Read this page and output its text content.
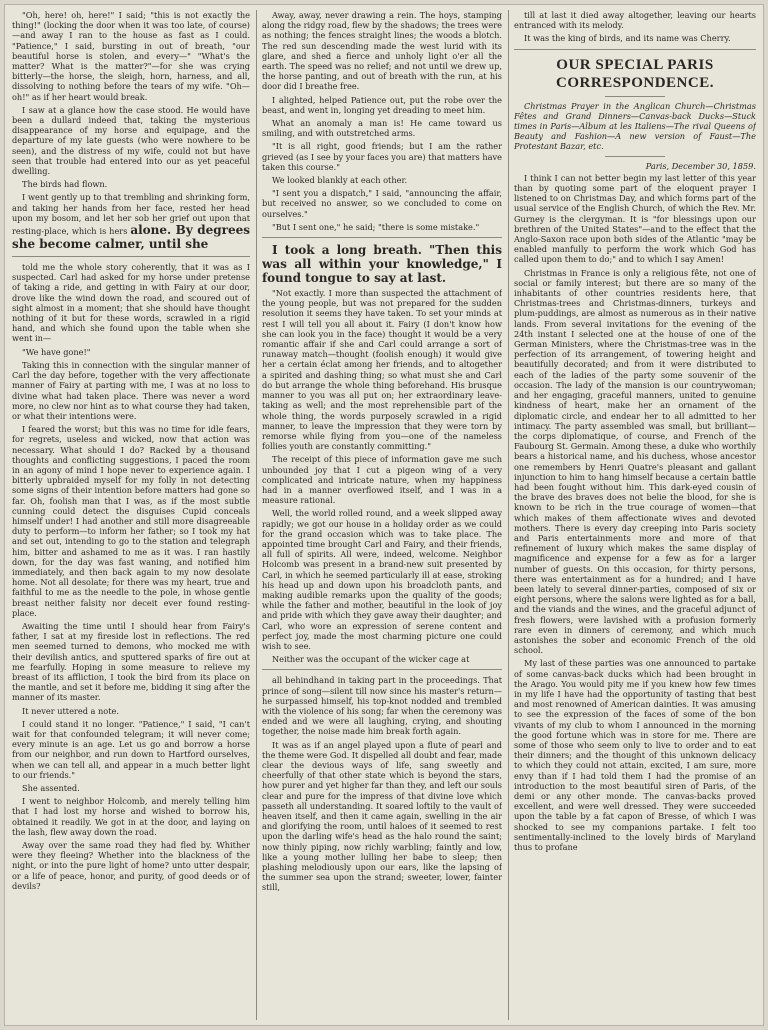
"Oh, here! oh, here!" I said; "this is not exactly the thing!" (locking the door when it was too late, of course)—and away I ran to the house as fast as I could. "Patience," I said, bursting in out of breath, "our beautiful horse is stolen, and every—" "What's the matter? What is the matter?"—for she was crying bitterly—the horse, the sleigh, horn, harness, and all, dissolving to nothing before the tears of my wife. "Oh—oh!" as if her heart would break.

I saw at a glance how the case stood. He would have been a dullard indeed that, taking the mysterious disappearance of my horse and equipage, and the departure of my late guests (who were nowhere to be seen), and the distress of my wife, could not but have seen that trouble had entered into our as yet peaceful dwelling.

The birds had flown.

I went gently up to that trembling and shrinking form, and taking her hands from her face, rested her head upon my bosom, and let her sob her grief out upon that resting-place, which is hers alone. By degrees she become calmer, until she

told me the whole story coherently, that it was as I suspected. Carl had asked for my horse under pretense of taking a ride, and getting in with Fairy at our door, drove like the wind down the road, and scoured out of sight almost in a moment; that she should have thought nothing of it but for these words, scrawled in a rigid hand, and which she found upon the table when she went in—

"We have gone!"

Taking this in connection with the singular manner of Carl the day before, together with the very affectionate manner of Fairy at parting with me, I was at no loss to divine what had taken place. There was never a word more, no clew nor hint as to what course they had taken, or what their intentions were.

I feared the worst; but this was no time for idle fears, for regrets, useless and wicked, now that action was necessary. What should I do? Racked by a thousand thoughts and conflicting suggestions, I paced the room in an agony of mind I hope never to experience again. I bitterly upbraided myself for my folly in not detecting some signs of their intention before matters had gone so far. Oh, foolish man that I was, as if the most subtle cunning could detect the disguises Cupid conceals himself under! I had another and still more disagreeable duty to perform—to inform her father; so I took my hat and set out, intending to go to the station and telegraph him, bitter and ashamed to me as it was. I ran hastily down, for the day was fast waning, and notified him immediately, and then back again to my now desolate home. Not all desolate; for there was my heart, true and faithful to me as the needle to the pole, in whose gentle breast neither falsity nor deceit ever found resting-place.

Awaiting the time until I should hear from Fairy's father, I sat at my fireside lost in reflections. The red men seemed turned to demons, who mocked me with their devilish antics, and sputtered sparks of fire out at me fearfully. Hoping in some measure to relieve my breast of its affliction, I took the bird from its place on the mantle, and set it before me, bidding it sing after the manner of its master.

It never uttered a note.

I could stand it no longer. "Patience," I said, "I can't wait for that confounded telegram; it will never come; every minute is an age. Let us go and borrow a horse from our neighbor, and run down to Hartford ourselves, when we can tell all, and appear in a much better light to our friends."

She assented.

I went to neighbor Holcomb, and merely telling him that I had lost my horse and wished to borrow his, obtained it readily. We got in at the door, and laying on the lash, flew away down the road.

Away over the same road they had fled by. Whither were they fleeing? Whether into the blackness of the night, or into the pure light of home? unto utter despair, or a life of peace, honor, and purity, of good deeds or of devils?

Away, away, never drawing a rein. The hoys, stamping along the ridgy road, flew by the shadows; the trees were as nothing; the fences straight lines; the woods a blotch. The red sun descending made the west lurid with its glare, and shed a fierce and unholy light o'er all the earth. The speed was no relief; and not until we drew up, the horse panting, and out of breath with the run, at his door did I breathe free.

I alighted, helped Patience out, put the robe over the beast, and went in, longing yet dreading to meet him.

What an anomaly a man is! He came toward us smiling, and with outstretched arms.

"It is all right, good friends; but I am the rather grieved (as I see by your faces you are) that matters have taken this course."

We looked blankly at each other.

"I sent you a dispatch," I said, "announcing the affair, but received no answer, so we concluded to come on ourselves."

"But I sent one," he said; "there is some mistake."

I took a long breath. "Then this was all within your knowledge," I found tongue to say at last.

"Not exactly. I more than suspected the attachment of the young people, but was not prepared for the sudden resolution it seems they have taken. To set your minds at rest I will tell you all about it. Fairy (I don't know how she can look you in the face) thought it would be a very romantic affair if she and Carl could arrange a sort of runaway match—thought (foolish enough) it would give her a certain éclat among her friends, and to altogether a spirited and dashing thing; so what must she and Carl do but arrange the whole thing beforehand. His brusque manner to you was all put on; her extraordinary leave-taking as well; and the most reprehensible part of the whole thing, the words purposely scrawled in a rigid manner, to leave the impression that they were torn by remorse while flying from you—one of the nameless follies youth are constantly committing."

The receipt of this piece of information gave me such unbounded joy that I cut a pigeon wing of a very complicated and intricate nature, when my happiness had in a manner overflowed itself, and I was in a measure rational.

Well, the world rolled round, and a week slipped away rapidly; we got our house in a holiday order as we could for the grand occasion which was to take place. The appointed time brought Carl and Fairy, and their friends, all full of spirits. All were, indeed, welcome. Neighbor Holcomb was present in a brand-new suit presented by Carl, in which he seemed particularly ill at ease, stroking his head up and down upon his broadcloth pants, and making audible remarks upon the quality of the goods; while the father and mother, beautiful in the look of joy and pride with which they gave away their daughter; and Carl, who wore an expression of serene content and perfect joy, made the most charming picture one could wish to see.

Neither was the occupant of the wicker cage at

all behindhand in taking part in the proceedings. That prince of song—silent till now since his master's return—he surpassed himself, his top-knot nodded and trembled with the violence of his song; far when the ceremony was ended and we were all laughing, crying, and shouting together, the noise made him break forth again.

It was as if an angel played upon a flute of pearl and the theme were God. It dispelled all doubt and fear, made clear the devious ways of life, sang sweetly and cheerfully of that other state which is beyond the stars, how purer and yet higher far than they, and left our souls clear and pure for the impress of that divine love which passeth all understanding. It soared loftily to the vault of heaven itself, and then it came again, swelling in the air and glorifying the room, until haloes of it seemed to rest upon the darling wife's head as the halo round the saint; now thinly piping, now richly warbling; faintly and low, like a young mother lulling her babe to sleep; then plashing melodiously upon our ears, like the lapsing of the summer sea upon the strand; sweeter, lower, fainter still,

till at last it died away altogether, leaving our hearts entranced with its melody.

It was the king of birds, and its name was Cherry.

OUR SPECIAL PARIS CORRESPONDENCE.

Christmas Prayer in the Anglican Church—Christmas Fêtes and Grand Dinners—Canvas-back Ducks—Stuck times in Paris—Album at les Italiens—The rival Queens of Beauty and Fashion—A new version of Faust—The Protestant Bazar, etc.

Paris, December 30, 1859.

I think I can not better begin my last letter of this year than by quoting some part of the eloquent prayer I listened to on Christmas Day, and which forms part of the usual service of the English Church, of which the Rev. Mr. Gurney is the clergyman. It is "for blessings upon our brethren of the United States"—and to the effect that the Anglo-Saxon race upon both sides of the Atlantic "may be enabled manfully to perform the work which God has called upon them to do;" and to which I say Amen!

Christmas in France is only a religious fête, not one of social or family interest; but there are so many of the inhabitants of other countries residents here, that Christmas-trees and Christmas-dinners, turkeys and plum-puddings, are almost as numerous as in their native lands. From several invitations for the evening of the 24th instant I selected one at the house of one of the German Ministers, where the Christmas-tree was in the perfection of its arrangement, of towering height and beautifully decorated; and from it were distributed to each of the ladies of the party some souvenir of the occasion. The lady of the mansion is our countrywoman; and her engaging, graceful manners, united to genuine kindness of heart, make her an ornament of the diplomatic circle, and endear her to all admitted to her intimacy. The party assembled was small, but brilliant—the corps diplomatique, of course, and French of the Faubourg St. Germain. Among these, a duke who worthily bears a historical name, and his duchess, whose ancestor one remembers by Henri Quatre's pleasant and gallant injunction to him to hang himself because a certain battle had been fought without him. This dark-eyed cousin of the brave des braves does not belie the blood, for she is known to be rich in the true courage of women—that which makes of them affectionate wives and devoted mothers. There is every day creeping into Paris society and Paris entertainments more and more of that refinement of luxury which makes the same display of magnificence and expense for a few as for a larger number of guests. On this occasion, for thirty persons, there was entertainment as for a hundred; and I have been lately to several dinner-parties, composed of six or eight persons, where the salons were lighted as for a ball, and the viands and the wines, and the graceful adjunct of fresh flowers, were lavished with a profusion formerly rare even in dinners of ceremony, and which much astonishes the sober and economic French of the old school.

My last of these parties was one announced to partake of some canvas-back ducks which had been brought in the Arago. You would pity me if you knew how few times in my life I have had the opportunity of tasting that best and most renowned of American dainties. It was amusing to see the expression of the faces of some of the bon vivants of my club to whom I announced in the morning the good fortune which was in store for me. There are some of those who seem only to live to order and to eat their dinners; and the thought of this unknown delicacy to which they could not attain, excited, I am sure, more envy than if I had told them I had the promise of an introduction to the most beautiful siren of Paris, of the demi or any other monde. The canvas-backs proved excellent, and were well dressed. They were succeeded upon the table by a fat capon of Bresse, of which I was shocked to see my companions partake. I felt too sentimentally-inclined to the lovely birds of Maryland thus to profane
